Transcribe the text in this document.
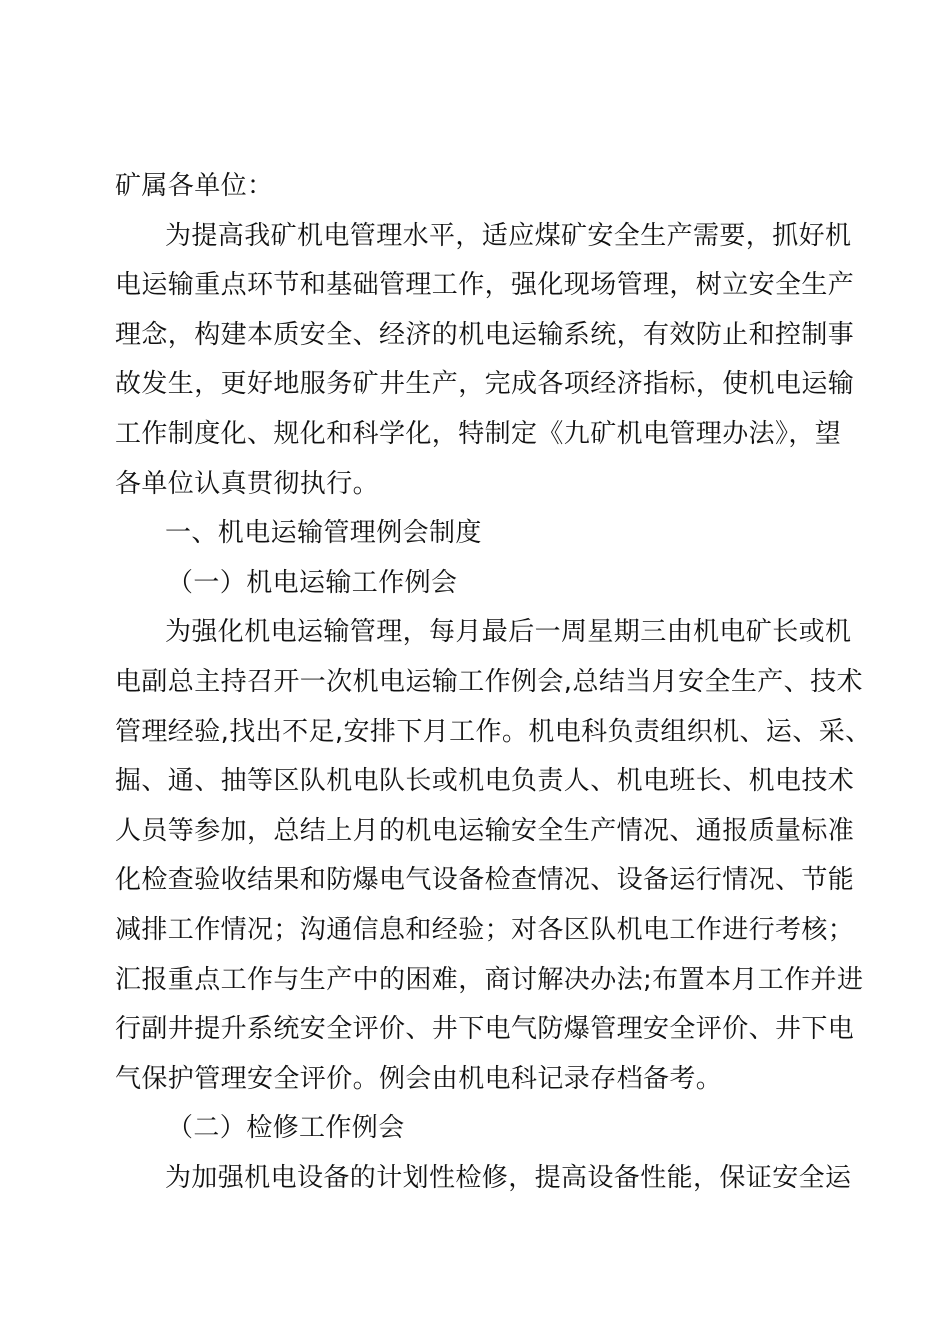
矿属各单位：
为提高我矿机电管理水平，适应煤矿安全生产需要，抓好机
电运输重点环节和基础管理工作，强化现场管理，树立安全生产
理念，构建本质安全、经济的机电运输系统，有效防止和控制事
故发生，更好地服务矿井生产，完成各项经济指标，使机电运输
工作制度化、规化和科学化，特制定《九矿机电管理办法》，望
各单位认真贯彻执行。
一、机电运输管理例会制度
（一）机电运输工作例会
为强化机电运输管理，每月最后一周星期三由机电矿长或机
电副总主持召开一次机电运输工作例会,总结当月安全生产、技术
管理经验,找出不足,安排下月工作。机电科负责组织机、运、采、
掘、通、抽等区队机电队长或机电负责人、机电班长、机电技术
人员等参加，总结上月的机电运输安全生产情况、通报质量标准
化检查验收结果和防爆电气设备检查情况、设备运行情况、节能
减排工作情况；沟通信息和经验；对各区队机电工作进行考核；
汇报重点工作与生产中的困难，商讨解决办法;布置本月工作并进
行副井提升系统安全评价、井下电气防爆管理安全评价、井下电
气保护管理安全评价。例会由机电科记录存档备考。
（二）检修工作例会
为加强机电设备的计划性检修，提高设备性能，保证安全运
